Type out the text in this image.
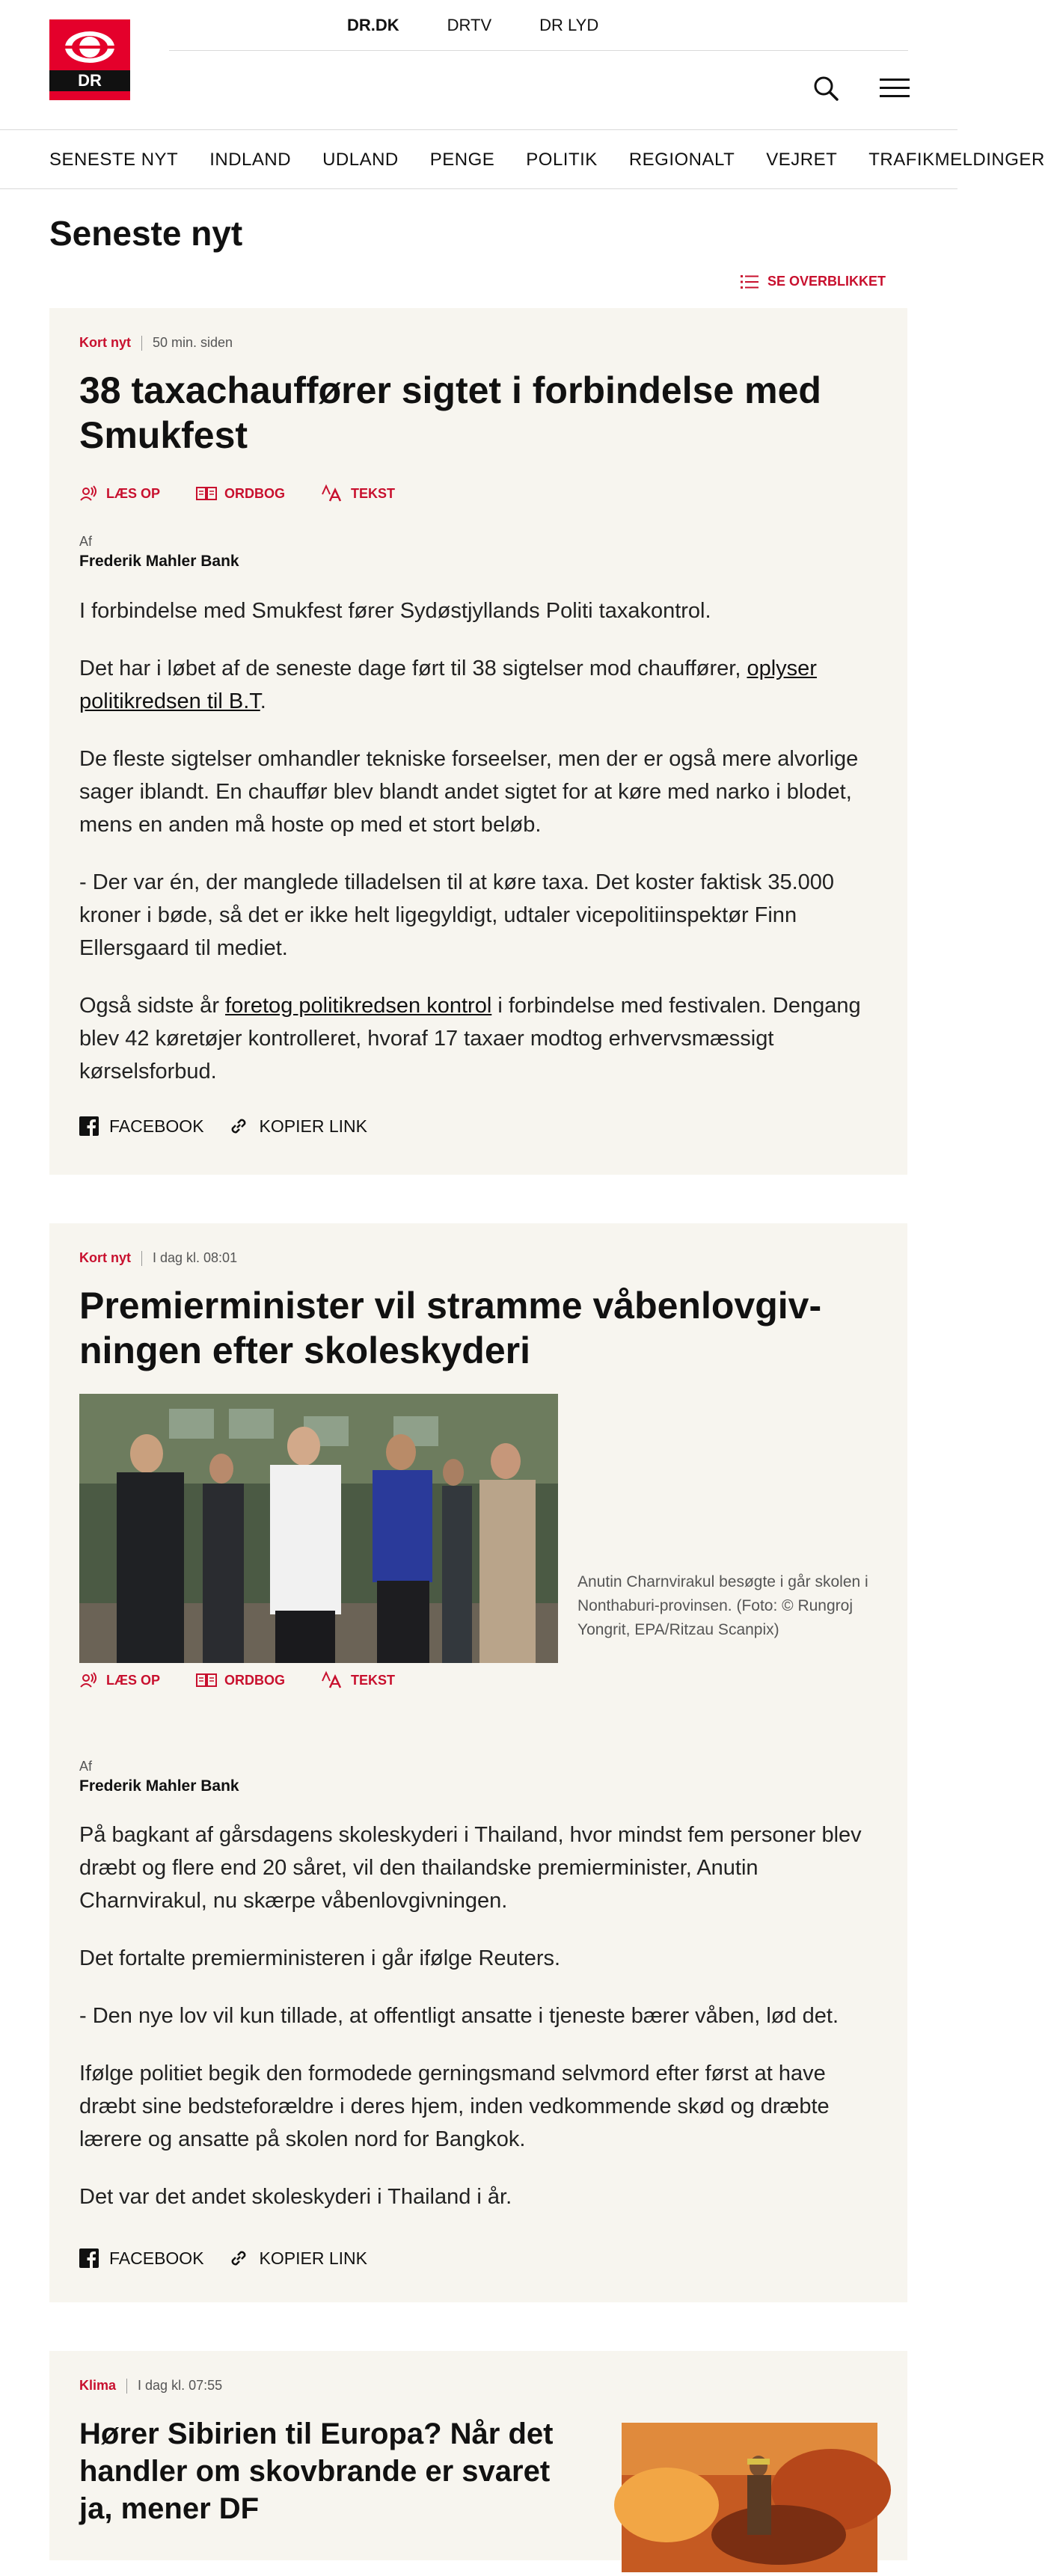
DR
DR.DK	DRTV	DR LYD
SENESTE NYT INDLAND UDLAND PENGE POLITIK REGIONALT VEJRET TRAFIKMELDINGER
Seneste nyt
SE OVERBLIKKET
Kort nyt 50 min. siden
38 taxachauffører sigtet i forbindelse med Smukfest
LÆS OP	ORDBOG	TEKST
Af
Frederik Mahler Bank

I forbindelse med Smukfest fører Sydøstjyllands Politi taxakontrol.

Det har i løbet af de seneste dage ført til 38 sigtelser mod chauffører, oplyser politikredsen til B.T.

De fleste sigtelser omhandler tekniske forseelser, men der er også mere alvorlige sager iblandt. En chauffør blev blandt andet sigtet for at køre med narko i blodet, mens en anden må hoste op med et stort beløb.

- Der var én, der manglede tilladelsen til at køre taxa. Det koster faktisk 35.000 kroner i bøde, så det er ikke helt ligegyldigt, udtaler vicepolitiinspektør Finn Ellersgaard til mediet.

Også sidste år foretog politikredsen kontrol i forbindelse med festivalen. Dengang blev 42 køretøjer kontrolleret, hvoraf 17 taxaer modtog erhvervsmæssigt kørselsforbud.

FACEBOOK	KOPIER LINK
Kort nyt I dag kl. 08:01
Premierminister vil stramme våbenlovgivningen efter skoleskyderi
Anutin Charnvirakul besøgte i går skolen i Nonthaburi-provinsen. (Foto: © Rungroj Yongrit, EPA/Ritzau Scanpix)
LÆS OP	ORDBOG	TEKST
Af
Frederik Mahler Bank

På bagkant af gårsdagens skoleskyderi i Thailand, hvor mindst fem personer blev dræbt og flere end 20 såret, vil den thailandske premierminister, Anutin Charnvirakul, nu skærpe våbenlovgivningen.

Det fortalte premierministeren i går ifølge Reuters.

- Den nye lov vil kun tillade, at offentligt ansatte i tjeneste bærer våben, lød det.

Ifølge politiet begik den formodede gerningsmand selvmord efter først at have dræbt sine bedsteforældre i deres hjem, inden vedkommende skød og dræbte lærere og ansatte på skolen nord for Bangkok.

Det var det andet skoleskyderi i Thailand i år.

FACEBOOK	KOPIER LINK
Klima I dag kl. 07:55
Hører Sibirien til Europa? Når det handler om skovbrande er svaret ja, mener DF
